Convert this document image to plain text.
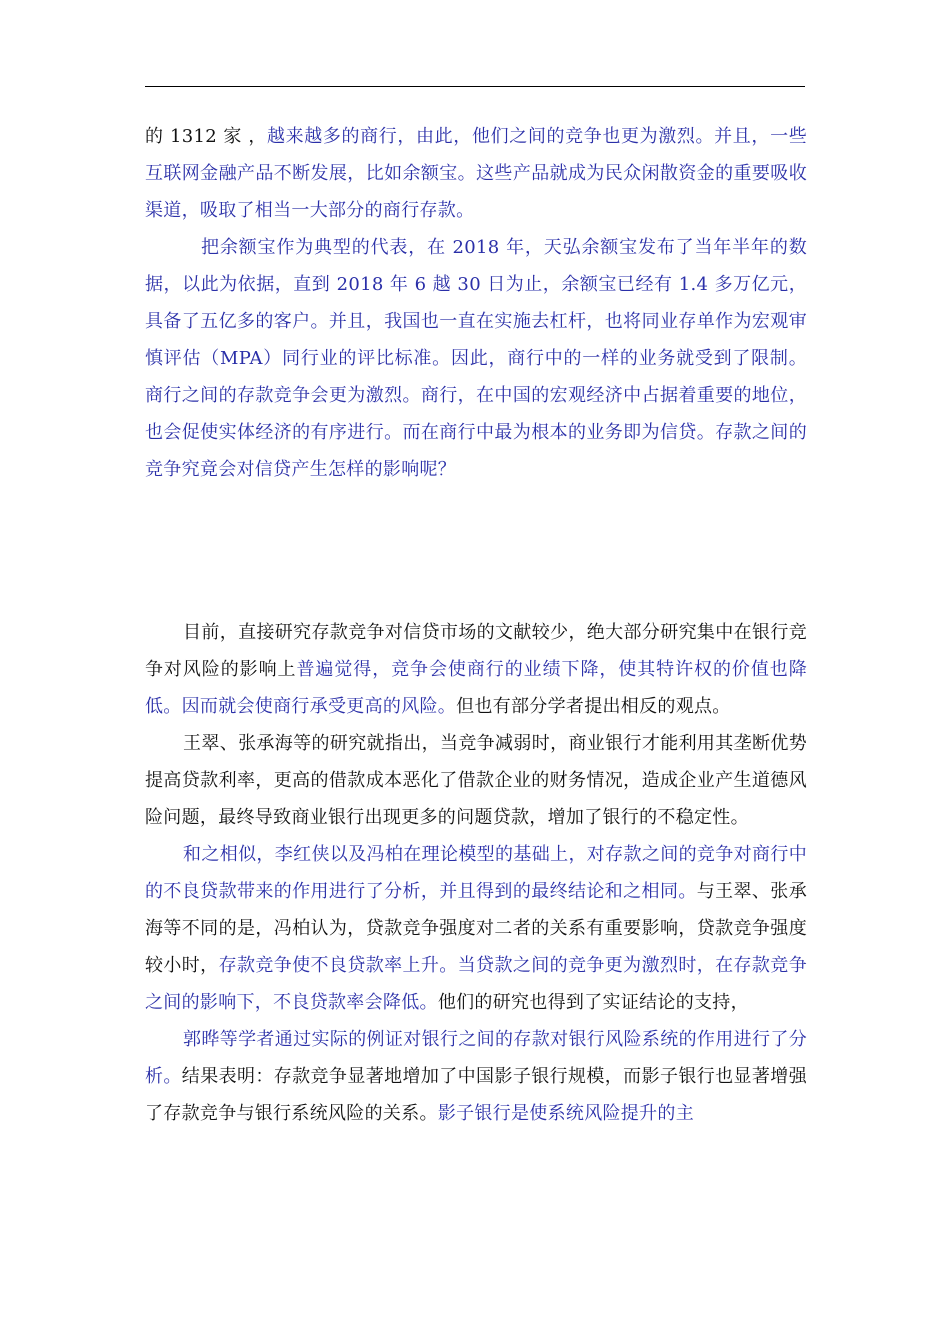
的 1312 家 ，越来越多的商行，由此，他们之间的竞争也更为激烈。并且，一些互联网金融产品不断发展，比如余额宝。这些产品就成为民众闲散资金的重要吸收渠道，吸取了相当一大部分的商行存款。

把余额宝作为典型的代表，在 2018 年，天弘余额宝发布了当年半年的数据，以此为依据，直到 2018 年 6 越 30 日为止，余额宝已经有 1.4 多万亿元，具备了五亿多的客户。并且，我国也一直在实施去杠杆，也将同业存单作为宏观审慎评估（MPA）同行业的评比标准。因此，商行中的一样的业务就受到了限制。商行之间的存款竞争会更为激烈。商行，在中国的宏观经济中占据着重要的地位，也会促使实体经济的有序进行。而在商行中最为根本的业务即为信贷。存款之间的竞争究竟会对信贷产生怎样的影响呢？

目前，直接研究存款竞争对信贷市场的文献较少，绝大部分研究集中在银行竞争对风险的影响上普遍觉得，竞争会使商行的业绩下降，使其特许权的价值也降低。因而就会使商行承受更高的风险。但也有部分学者提出相反的观点。

王翠、张承海等的研究就指出，当竞争减弱时，商业银行才能利用其垄断优势提高贷款利率，更高的借款成本恶化了借款企业的财务情况，造成企业产生道德风险问题，最终导致商业银行出现更多的问题贷款，增加了银行的不稳定性。

和之相似，李红侠以及冯柏在理论模型的基础上，对存款之间的竞争对商行中的不良贷款带来的作用进行了分析，并且得到的最终结论和之相同。与王翠、张承海等不同的是，冯柏认为，贷款竞争强度对二者的关系有重要影响，贷款竞争强度较小时，存款竞争使不良贷款率上升。当贷款之间的竞争更为激烈时，在存款竞争之间的影响下，不良贷款率会降低。他们的研究也得到了实证结论的支持，

郭晔等学者通过实际的例证对银行之间的存款对银行风险系统的作用进行了分析。结果表明：存款竞争显著地增加了中国影子银行规模，而影子银行也显著增强了存款竞争与银行系统风险的关系。影子银行是使系统风险提升的主
